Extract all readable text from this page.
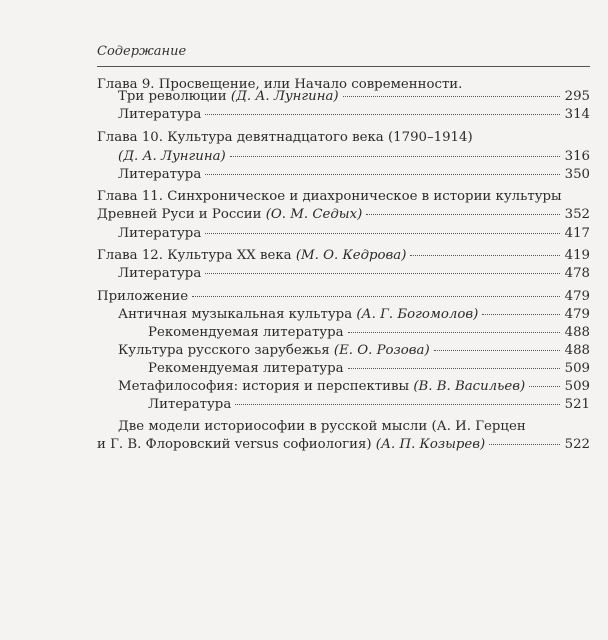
Содержание
Глава 9. Просвещение, или Начало современности.
Три революции (Д. А. Лунгина)	295
Литература	314
Глава 10. Культура девятнадцатого века (1790–1914)
(Д. А. Лунгина)	316
Литература	350
Глава 11. Синхроническое и диахроническое в истории культуры
Древней Руси и России (О. М. Седых)	352
Литература	417
Глава 12. Культура XX века (М. О. Кедрова)	419
Литература	478
Приложение	479
Античная музыкальная культура (А. Г. Богомолов)	479
Рекомендуемая литература	488
Культура русского зарубежья (Е. О. Розова)	488
Рекомендуемая литература	509
Метафилософия: история и перспективы (В. В. Васильев)	509
Литература	521
Две модели историософии в русской мысли (А. И. Герцен
и Г. В. Флоровский versus софиология) (А. П. Козырев)	522
